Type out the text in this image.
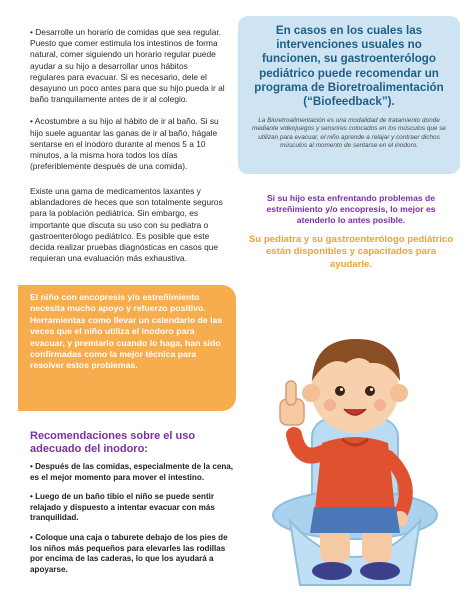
• Desarrolle un horario de comidas que sea regular. Puesto que comer estimula los intestinos de forma natural, comer siguiendo un horario regular puede ayudar a su hijo a desarrollar unos hábitos regulares para evacuar. Si es necesario, dele el desayuno un poco antes para que su hijo pueda ir al baño tranquilamente antes de ir al colegio.

• Acostumbre a su hijo al hábito de ir al baño. Si su hijo suele aguantar las ganas de ir al baño, hágale sentarse en el inodoro durante al menos 5 a 10 minutos, a la misma hora todos los días (preferiblemente después de una comida).

Existe una gama de medicamentos laxantes y ablandadores de heces que son totalmente seguros para la población pediátrica. Sin embargo, es importante que discuta su uso con su pediatra o gastroenterólogo pediátrico. Es posible que este decida realizar pruebas diagnósticas en casos que requieran una evaluación más exhaustiva.

En casos en los cuales las intervenciones usuales no funcionen, su gastroenterólogo pediátrico puede recomendar un programa de Bioretroalimentación (“Biofeedback”).

La Bioretroalimentación es una modalidad de tratamiento donde mediante videojuegos y sensores colocados en los músculos que se utilizan para evacuar, el niño aprende a relajar y contraer dichos músculos al momento de sentarse en el inodoro.

Si su hijo esta enfrentando problemas de estreñimiento y/o encopresis, lo mejor es atenderlo lo antes posible.

Su pediatra y su gastroenterólogo pediátrico están disponibles y capacitados para ayudarle.

El niño con encopresis y/o estreñimiento necesita mucho apoyo y refuerzo positivo. Herramientas como llevar un calendario de las veces que el niño utiliza el inodoro para evacuar, y premiarlo cuando lo haga, han sido confirmadas como la mejor técnica para resolver estos problemas.
Recomendaciones sobre el uso adecuado del inodoro:

• Después de las comidas, especialmente de la cena, es el mejor momento para mover el intestino.

• Luego de un baño tibio el niño se puede sentir relajado y dispuesto a intentar evacuar con más tranquilidad.

• Coloque una caja o taburete debajo de los pies de los niños más pequeños para elevarles las rodillas por encima de las caderas, lo que los ayudará a apoyarse.
